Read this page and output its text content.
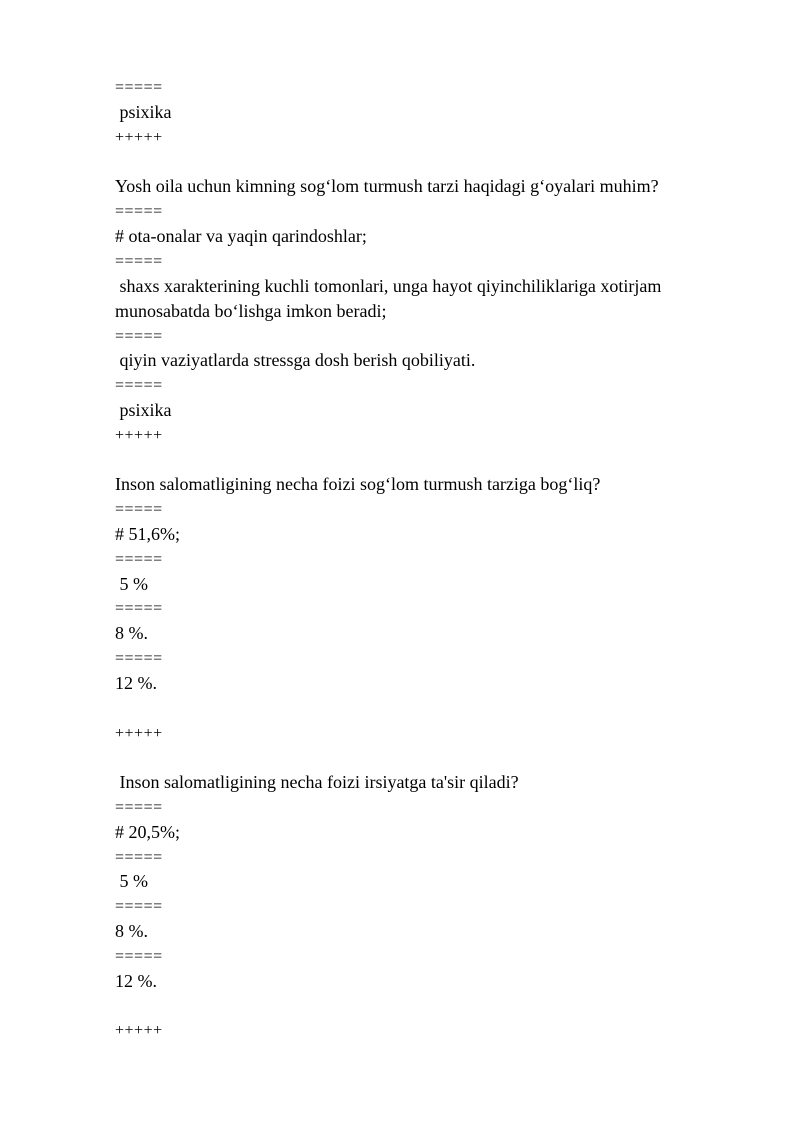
=====
psixika
+++++
Yosh oila uchun kimning sog‘lom turmush tarzi haqidagi g‘oyalari muhim?
=====
# ota-onalar va yaqin qarindoshlar;
=====
shaxs xarakterining kuchli tomonlari, unga hayot qiyinchiliklariga xotirjam
munosabatda bo‘lishga imkon beradi;
=====
qiyin vaziyatlarda stressga dosh berish qobiliyati.
=====
psixika
+++++
Inson salomatligining necha foizi sog‘lom turmush tarziga bog‘liq?
=====
# 51,6%;
=====
5 %
=====
8 %.
=====
12 %.
+++++
Inson salomatligining necha foizi irsiyatga ta'sir qiladi?
=====
# 20,5%;
=====
5 %
=====
8 %.
=====
12 %.
+++++
